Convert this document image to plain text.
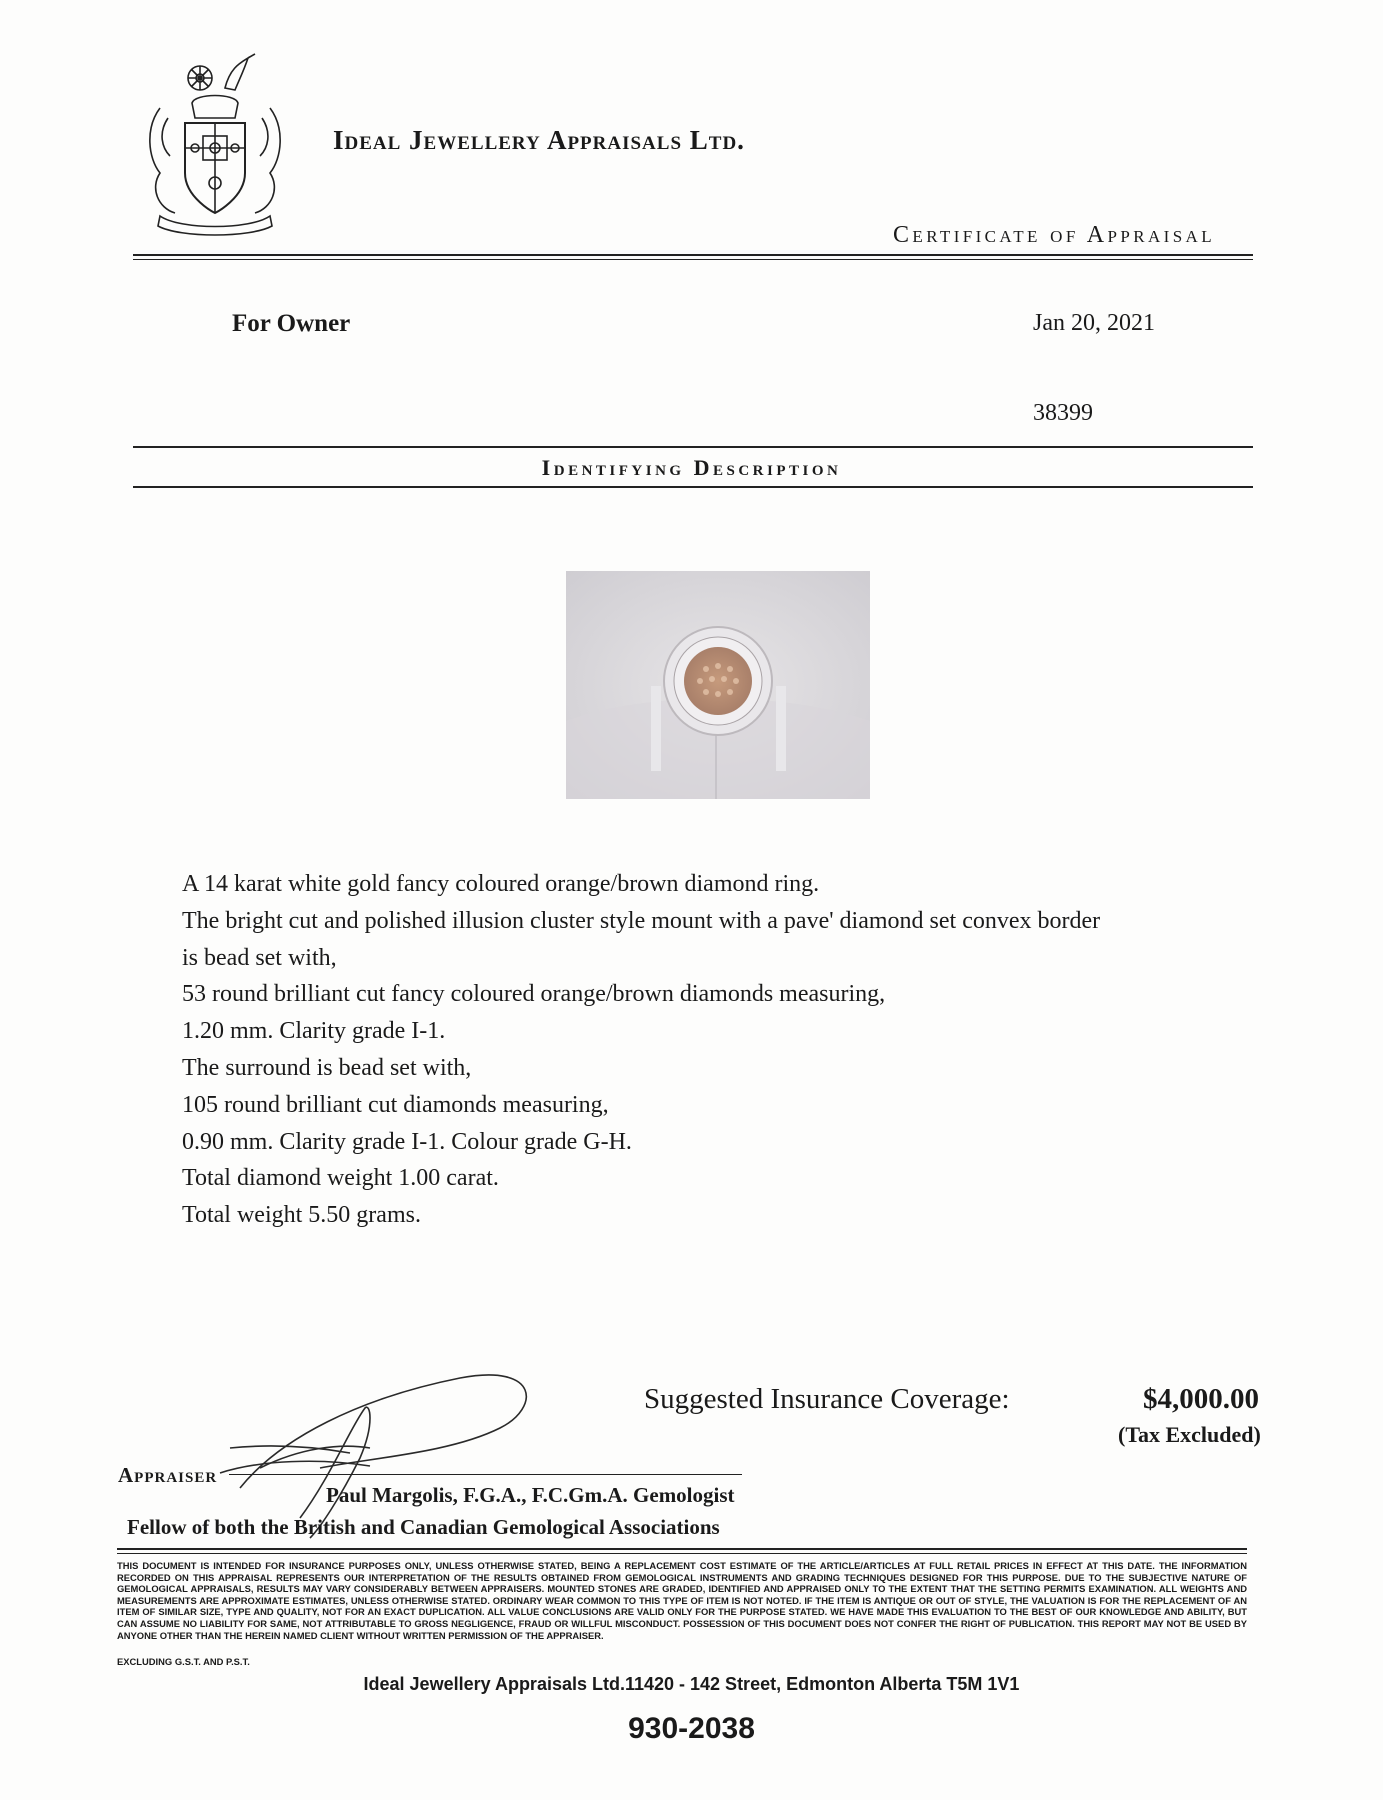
Ideal Jewellery Appraisals Ltd.
Certificate of Appraisal
For Owner	Jan 20, 2021
38399
Identifying Description
A 14 karat white gold fancy coloured orange/brown diamond ring.
The bright cut and polished illusion cluster style mount with a pave' diamond set convex border
is bead set with,
53 round brilliant cut fancy coloured orange/brown diamonds measuring,
1.20 mm. Clarity grade I-1.
The surround is bead set with,
105 round brilliant cut diamonds measuring,
0.90 mm. Clarity grade I-1. Colour grade G-H.
Total diamond weight 1.00 carat.
Total weight 5.50 grams.
Suggested Insurance Coverage:	$4,000.00
(Tax Excluded)
Appraiser
Paul Margolis, F.G.A., F.C.Gm.A. Gemologist
Fellow of both the British and Canadian Gemological Associations
THIS DOCUMENT IS INTENDED FOR INSURANCE PURPOSES ONLY, UNLESS OTHERWISE STATED, BEING A REPLACEMENT COST ESTIMATE OF THE ARTICLE/ARTICLES AT FULL RETAIL PRICES IN EFFECT AT THIS DATE. THE INFORMATION RECORDED ON THIS APPRAISAL REPRESENTS OUR INTERPRETATION OF THE RESULTS OBTAINED FROM GEMOLOGICAL INSTRUMENTS AND GRADING TECHNIQUES DESIGNED FOR THIS PURPOSE. DUE TO THE SUBJECTIVE NATURE OF GEMOLOGICAL APPRAISALS, RESULTS MAY VARY CONSIDERABLY BETWEEN APPRAISERS. MOUNTED STONES ARE GRADED, IDENTIFIED AND APPRAISED ONLY TO THE EXTENT THAT THE SETTING PERMITS EXAMINATION. ALL WEIGHTS AND MEASUREMENTS ARE APPROXIMATE ESTIMATES, UNLESS OTHERWISE STATED. ORDINARY WEAR COMMON TO THIS TYPE OF ITEM IS NOT NOTED. IF THE ITEM IS ANTIQUE OR OUT OF STYLE, THE VALUATION IS FOR THE REPLACEMENT OF AN ITEM OF SIMILAR SIZE, TYPE AND QUALITY, NOT FOR AN EXACT DUPLICATION. ALL VALUE CONCLUSIONS ARE VALID ONLY FOR THE PURPOSE STATED. WE HAVE MADE THIS EVALUATION TO THE BEST OF OUR KNOWLEDGE AND ABILITY, BUT CAN ASSUME NO LIABILITY FOR SAME, NOT ATTRIBUTABLE TO GROSS NEGLIGENCE, FRAUD OR WILLFUL MISCONDUCT. POSSESSION OF THIS DOCUMENT DOES NOT CONFER THE RIGHT OF PUBLICATION. THIS REPORT MAY NOT BE USED BY ANYONE OTHER THAN THE HEREIN NAMED CLIENT WITHOUT WRITTEN PERMISSION OF THE APPRAISER.
EXCLUDING G.S.T. AND P.S.T.
Ideal Jewellery Appraisals Ltd.11420 - 142 Street, Edmonton Alberta T5M 1V1
930-2038
